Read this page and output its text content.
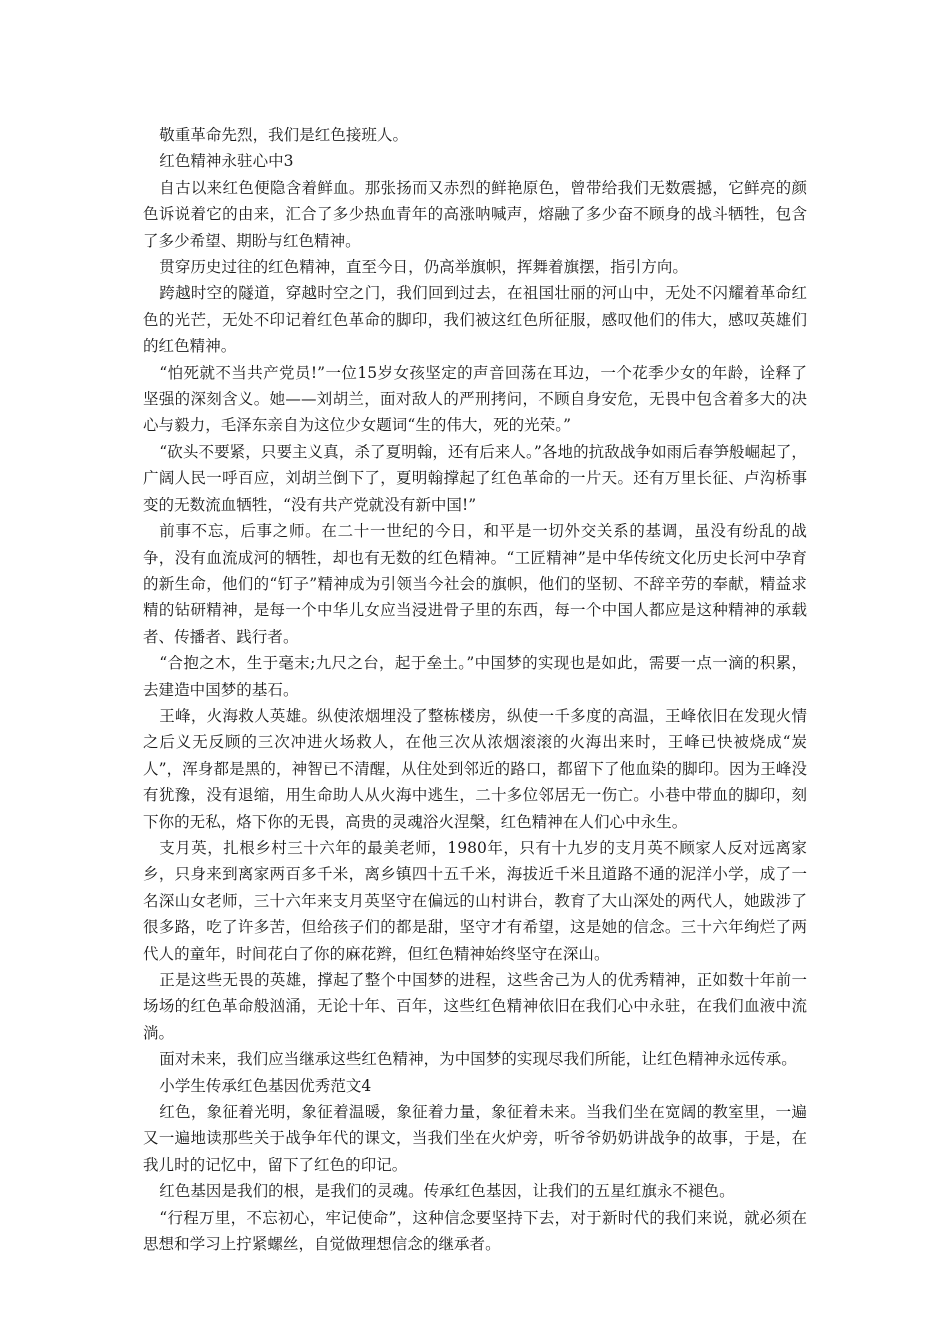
敬重革命先烈，我们是红色接班人。

红色精神永驻心中3

自古以来红色便隐含着鲜血。那张扬而又赤烈的鲜艳原色，曾带给我们无数震撼，它鲜亮的颜色诉说着它的由来，汇合了多少热血青年的高涨呐喊声，熔融了多少奋不顾身的战斗牺牲，包含了多少希望、期盼与红色精神。

贯穿历史过往的红色精神，直至今日，仍高举旗帜，挥舞着旗摆，指引方向。

跨越时空的隧道，穿越时空之门，我们回到过去，在祖国壮丽的河山中，无处不闪耀着革命红色的光芒，无处不印记着红色革命的脚印，我们被这红色所征服，感叹他们的伟大，感叹英雄们的红色精神。

“怕死就不当共产党员!”一位15岁女孩坚定的声音回荡在耳边，一个花季少女的年龄，诠释了坚强的深刻含义。她——刘胡兰，面对敌人的严刑拷问，不顾自身安危，无畏中包含着多大的决心与毅力，毛泽东亲自为这位少女题词“生的伟大，死的光荣。”

“砍头不要紧，只要主义真，杀了夏明翰，还有后来人。”各地的抗敌战争如雨后春笋般崛起了，广阔人民一呼百应，刘胡兰倒下了，夏明翰撑起了红色革命的一片天。还有万里长征、卢沟桥事变的无数流血牺牲，“没有共产党就没有新中国!”

前事不忘，后事之师。在二十一世纪的今日，和平是一切外交关系的基调，虽没有纷乱的战争，没有血流成河的牺牲，却也有无数的红色精神。“工匠精神”是中华传统文化历史长河中孕育的新生命，他们的“钉子”精神成为引领当今社会的旗帜，他们的坚韧、不辞辛劳的奉献，精益求精的钻研精神，是每一个中华儿女应当浸进骨子里的东西，每一个中国人都应是这种精神的承载者、传播者、践行者。

“合抱之木，生于毫末;九尺之台，起于垒土。”中国梦的实现也是如此，需要一点一滴的积累，去建造中国梦的基石。

王峰，火海救人英雄。纵使浓烟埋没了整栋楼房，纵使一千多度的高温，王峰依旧在发现火情之后义无反顾的三次冲进火场救人，在他三次从浓烟滚滚的火海出来时，王峰已快被烧成“炭人”，浑身都是黑的，神智已不清醒，从住处到邻近的路口，都留下了他血染的脚印。因为王峰没有犹豫，没有退缩，用生命助人从火海中逃生，二十多位邻居无一伤亡。小巷中带血的脚印，刻下你的无私，烙下你的无畏，高贵的灵魂浴火涅槃，红色精神在人们心中永生。

支月英，扎根乡村三十六年的最美老师，1980年，只有十九岁的支月英不顾家人反对远离家乡，只身来到离家两百多千米，离乡镇四十五千米，海拔近千米且道路不通的泥洋小学，成了一名深山女老师，三十六年来支月英坚守在偏远的山村讲台，教育了大山深处的两代人，她跋涉了很多路，吃了许多苦，但给孩子们的都是甜，坚守才有希望，这是她的信念。三十六年绚烂了两代人的童年，时间花白了你的麻花辫，但红色精神始终坚守在深山。

正是这些无畏的英雄，撑起了整个中国梦的进程，这些舍己为人的优秀精神，正如数十年前一场场的红色革命般汹涌，无论十年、百年，这些红色精神依旧在我们心中永驻，在我们血液中流淌。

面对未来，我们应当继承这些红色精神，为中国梦的实现尽我们所能，让红色精神永远传承。

小学生传承红色基因优秀范文4

红色，象征着光明，象征着温暖，象征着力量，象征着未来。当我们坐在宽阔的教室里，一遍又一遍地读那些关于战争年代的课文，当我们坐在火炉旁，听爷爷奶奶讲战争的故事，于是，在我儿时的记忆中，留下了红色的印记。

红色基因是我们的根，是我们的灵魂。传承红色基因，让我们的五星红旗永不褪色。

“行程万里，不忘初心，牢记使命”，这种信念要坚持下去，对于新时代的我们来说，就必须在思想和学习上拧紧螺丝，自觉做理想信念的继承者。
